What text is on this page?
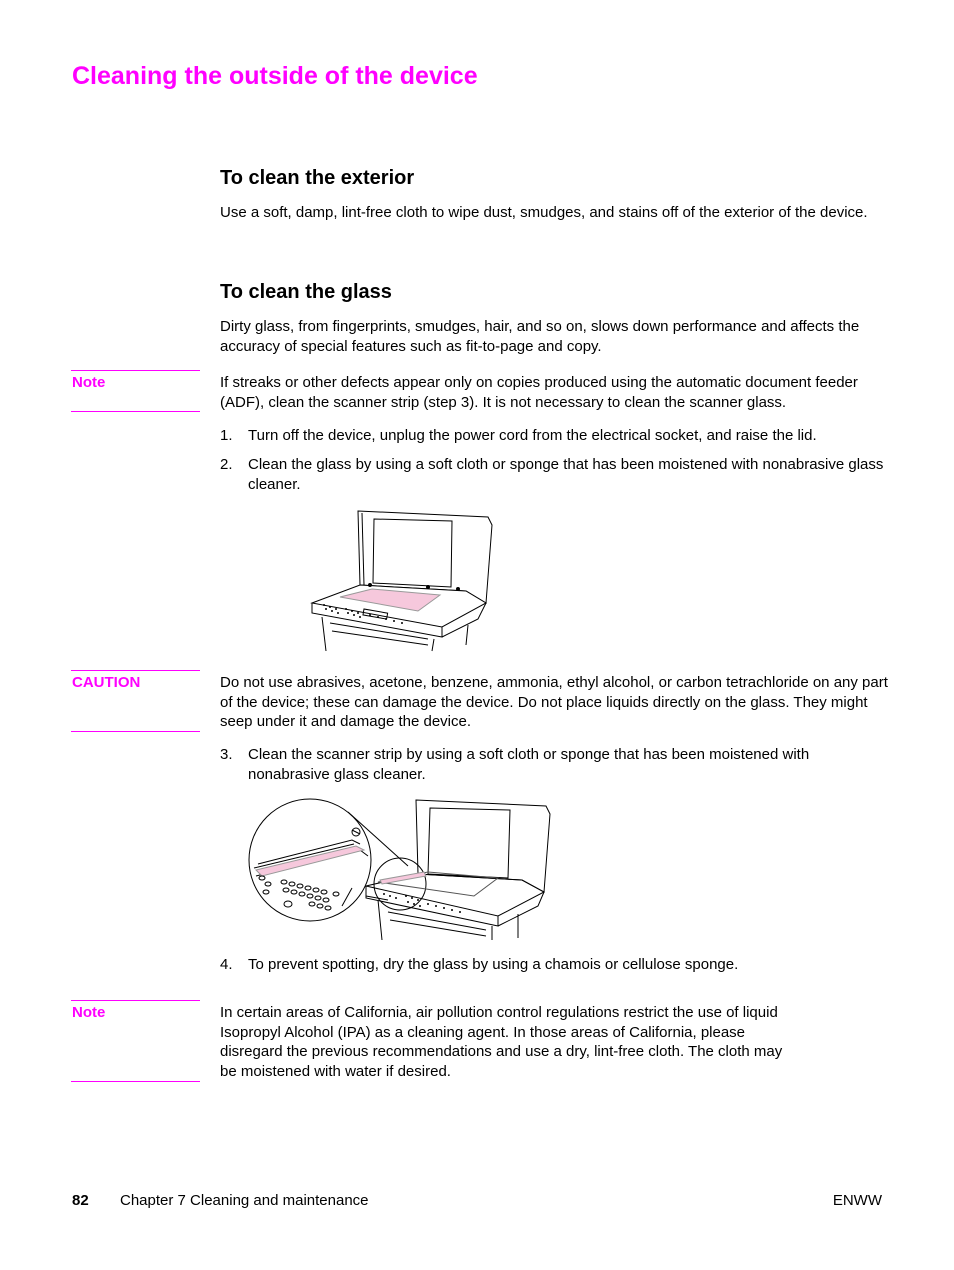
Cleaning the outside of the device
To clean the exterior
Use a soft, damp, lint-free cloth to wipe dust, smudges, and stains off of the exterior of the device.
To clean the glass
Dirty glass, from fingerprints, smudges, hair, and so on, slows down performance and affects the accuracy of special features such as fit-to-page and copy.
Note	If streaks or other defects appear only on copies produced using the automatic document feeder (ADF), clean the scanner strip (step 3). It is not necessary to clean the scanner glass.
1.	Turn off the device, unplug the power cord from the electrical socket, and raise the lid.
2.	Clean the glass by using a soft cloth or sponge that has been moistened with nonabrasive glass cleaner.
CAUTION	Do not use abrasives, acetone, benzene, ammonia, ethyl alcohol, or carbon tetrachloride on any part of the device; these can damage the device. Do not place liquids directly on the glass. They might seep under it and damage the device.
3.	Clean the scanner strip by using a soft cloth or sponge that has been moistened with nonabrasive glass cleaner.
4.	To prevent spotting, dry the glass by using a chamois or cellulose sponge.
Note	In certain areas of California, air pollution control regulations restrict the use of liquid Isopropyl Alcohol (IPA) as a cleaning agent. In those areas of California, please disregard the previous recommendations and use a dry, lint-free cloth. The cloth may be moistened with water if desired.
82 Chapter 7 Cleaning and maintenance	ENWW
